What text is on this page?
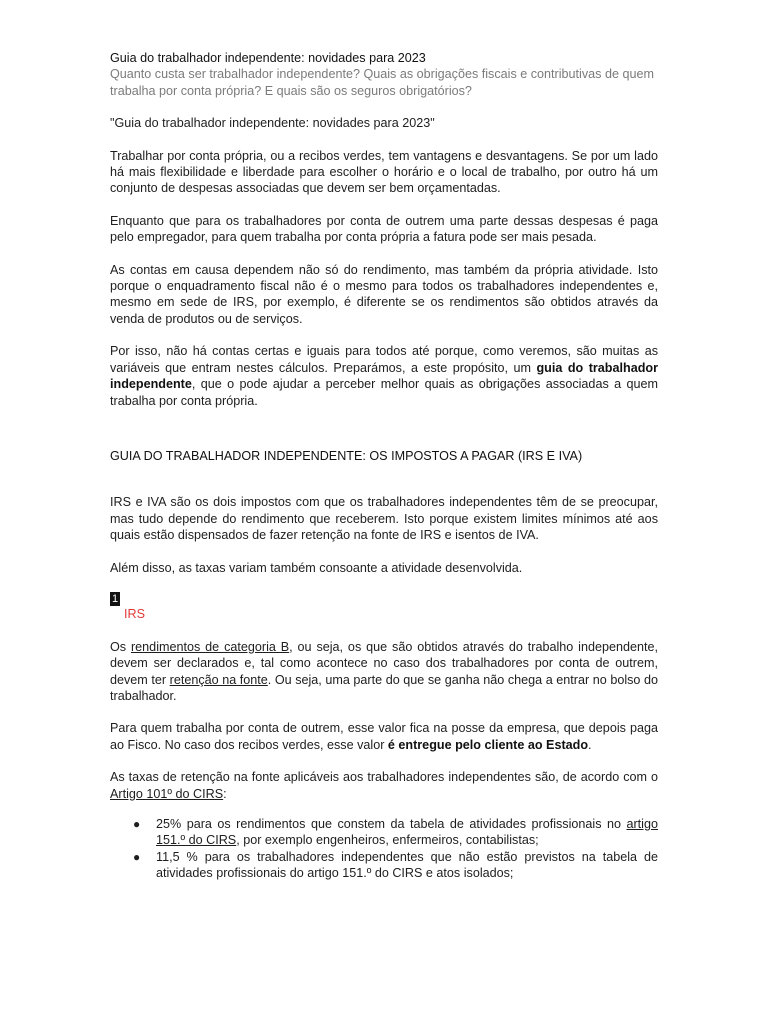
Guia do trabalhador independente: novidades para 2023

Quanto custa ser trabalhador independente? Quais as obrigações fiscais e contributivas de quem trabalha por conta própria? E quais são os seguros obrigatórios?

"Guia do trabalhador independente: novidades para 2023"

Trabalhar por conta própria, ou a recibos verdes, tem vantagens e desvantagens. Se por um lado há mais flexibilidade e liberdade para escolher o horário e o local de trabalho, por outro há um conjunto de despesas associadas que devem ser bem orçamentadas.

Enquanto que para os trabalhadores por conta de outrem uma parte dessas despesas é paga pelo empregador, para quem trabalha por conta própria a fatura pode ser mais pesada.

As contas em causa dependem não só do rendimento, mas também da própria atividade. Isto porque o enquadramento fiscal não é o mesmo para todos os trabalhadores independentes e, mesmo em sede de IRS, por exemplo, é diferente se os rendimentos são obtidos através da venda de produtos ou de serviços.

Por isso, não há contas certas e iguais para todos até porque, como veremos, são muitas as variáveis que entram nestes cálculos. Preparámos, a este propósito, um guia do trabalhador independente, que o pode ajudar a perceber melhor quais as obrigações associadas a quem trabalha por conta própria.

GUIA DO TRABALHADOR INDEPENDENTE: OS IMPOSTOS A PAGAR (IRS E IVA)

IRS e IVA são os dois impostos com que os trabalhadores independentes têm de se preocupar, mas tudo depende do rendimento que receberem. Isto porque existem limites mínimos até aos quais estão dispensados de fazer retenção na fonte de IRS e isentos de IVA.

Além disso, as taxas variam também consoante a atividade desenvolvida.

1

IRS

Os rendimentos de categoria B, ou seja, os que são obtidos através do trabalho independente, devem ser declarados e, tal como acontece no caso dos trabalhadores por conta de outrem, devem ter retenção na fonte. Ou seja, uma parte do que se ganha não chega a entrar no bolso do trabalhador.

Para quem trabalha por conta de outrem, esse valor fica na posse da empresa, que depois paga ao Fisco. No caso dos recibos verdes, esse valor é entregue pelo cliente ao Estado.

As taxas de retenção na fonte aplicáveis aos trabalhadores independentes são, de acordo com o Artigo 101º do CIRS:

● 25% para os rendimentos que constem da tabela de atividades profissionais no artigo 151.º do CIRS, por exemplo engenheiros, enfermeiros, contabilistas;
● 11,5 % para os trabalhadores independentes que não estão previstos na tabela de atividades profissionais do artigo 151.º do CIRS e atos isolados;
